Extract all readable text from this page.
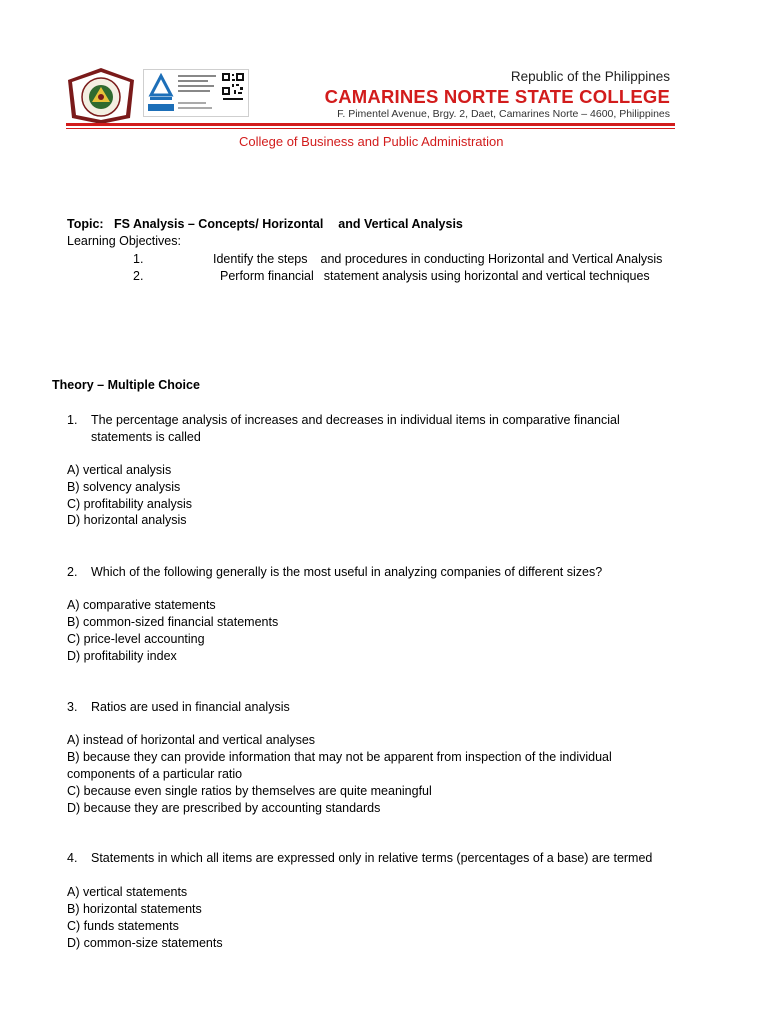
Republic of the Philippines
CAMARINES NORTE STATE COLLEGE
F. Pimentel Avenue, Brgy. 2, Daet, Camarines Norte – 4600, Philippines
College of Business and Public Administration
Topic: FS Analysis – Concepts/ Horizontal and Vertical Analysis
Learning Objectives:
1.	Identify the steps and procedures in conducting Horizontal and Vertical Analysis
2.	Perform financial statement analysis using horizontal and vertical techniques
Theory – Multiple Choice
1. The percentage analysis of increases and decreases in individual items in comparative financial
statements is called
A) vertical analysis
B) solvency analysis
C) profitability analysis
D) horizontal analysis
2. Which of the following generally is the most useful in analyzing companies of different sizes?
A) comparative statements
B) common-sized financial statements
C) price-level accounting
D) profitability index
3. Ratios are used in financial analysis
A) instead of horizontal and vertical analyses
B) because they can provide information that may not be apparent from inspection of the individual
components of a particular ratio
C) because even single ratios by themselves are quite meaningful
D) because they are prescribed by accounting standards
4. Statements in which all items are expressed only in relative terms (percentages of a base) are termed
A) vertical statements
B) horizontal statements
C) funds statements
D) common-size statements
